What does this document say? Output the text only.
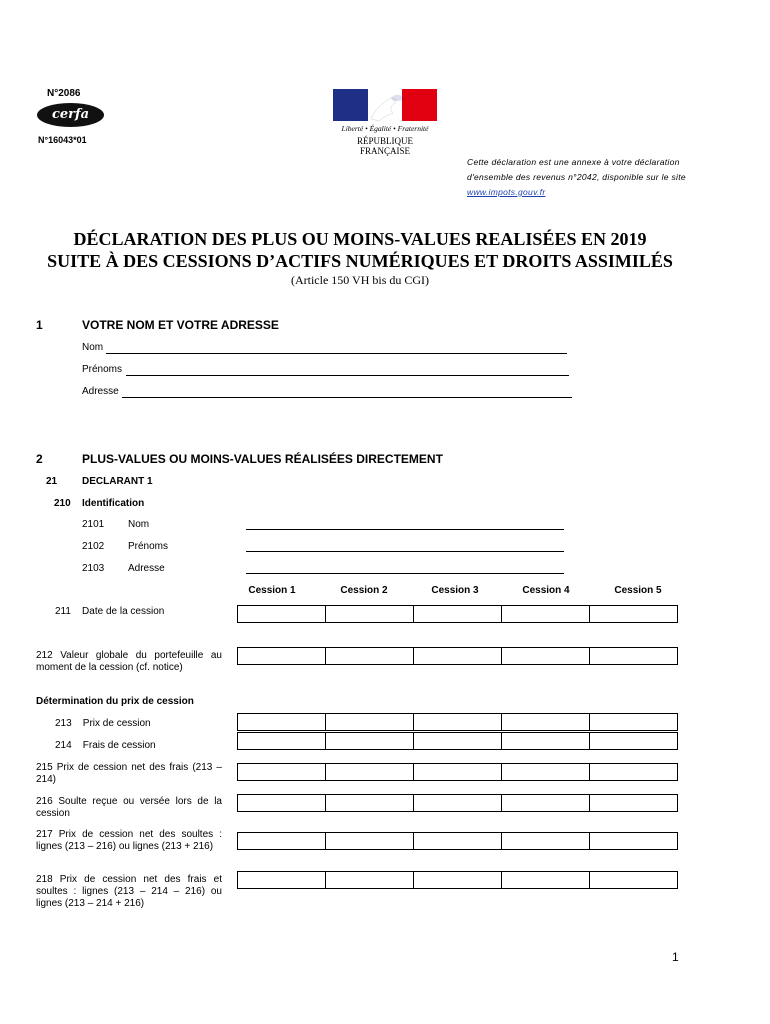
N°2086
cerfa
N°16043*01
Liberté • Égalité • Fraternité
RÉPUBLIQUE FRANÇAISE
Cette déclaration est une annexe à votre déclaration
d'ensemble des revenus n°2042, disponible sur le site
www.impots.gouv.fr
DÉCLARATION DES PLUS OU MOINS-VALUES REALISÉES EN 2019
SUITE À DES CESSIONS D’ACTIFS NUMÉRIQUES ET DROITS ASSIMILÉS
(Article 150 VH bis du CGI)
1	VOTRE NOM ET VOTRE ADRESSE
Nom
Prénoms
Adresse
2	PLUS-VALUES OU MOINS-VALUES RÉALISÉES DIRECTEMENT
21 DECLARANT 1
210 Identification
2101 Nom
2102 Prénoms
2103 Adresse
Cession 1	Cession 2	Cession 3	Cession 4	Cession 5
211    Date de la cession
212 Valeur globale du portefeuille au moment de la cession (cf. notice)
Détermination du prix de cession
213    Prix de cession
214    Frais de cession
215 Prix de cession net des frais (213 – 214)
216 Soulte reçue ou versée lors de la cession
217 Prix de cession net des soultes : lignes (213 – 216) ou lignes (213 + 216)
218 Prix de cession net des frais et soultes : lignes (213 – 214 – 216) ou lignes (213 – 214 + 216)
1
